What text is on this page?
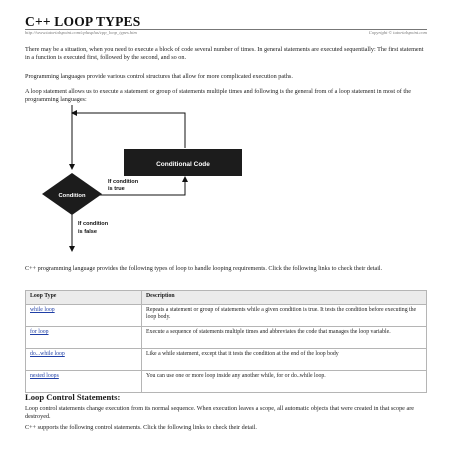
C++ LOOP TYPES
http://www.tutorialspoint.com/cplusplus/cpp_loop_types.htm	Copyright © tutorialspoint.com
There may be a situation, when you need to execute a block of code several number of times. In general statements are executed sequentially: The first statement in a function is executed first, followed by the second, and so on.
Programming languages provide various control structures that allow for more complicated execution paths.
A loop statement allows us to execute a statement or group of statements multiple times and following is the general from of a loop statement in most of the programming languages:
Conditional Code
Condition
If condition
is true
If condition
is false
C++ programming language provides the following types of loop to handle looping requirements. Click the following links to check their detail.
Loop Type	Description
while loop	Repeats a statement or group of statements while a given condition is true. It tests the condition before executing the loop body.
for loop	Execute a sequence of statements multiple times and abbreviates the code that manages the loop variable.
do...while loop	Like a while statement, except that it tests the condition at the end of the loop body
nested loops	You can use one or more loop inside any another while, for or do..while loop.
Loop Control Statements:
Loop control statements change execution from its normal sequence. When execution leaves a scope, all automatic objects that were created in that scope are destroyed.
C++ supports the following control statements. Click the following links to check their detail.
